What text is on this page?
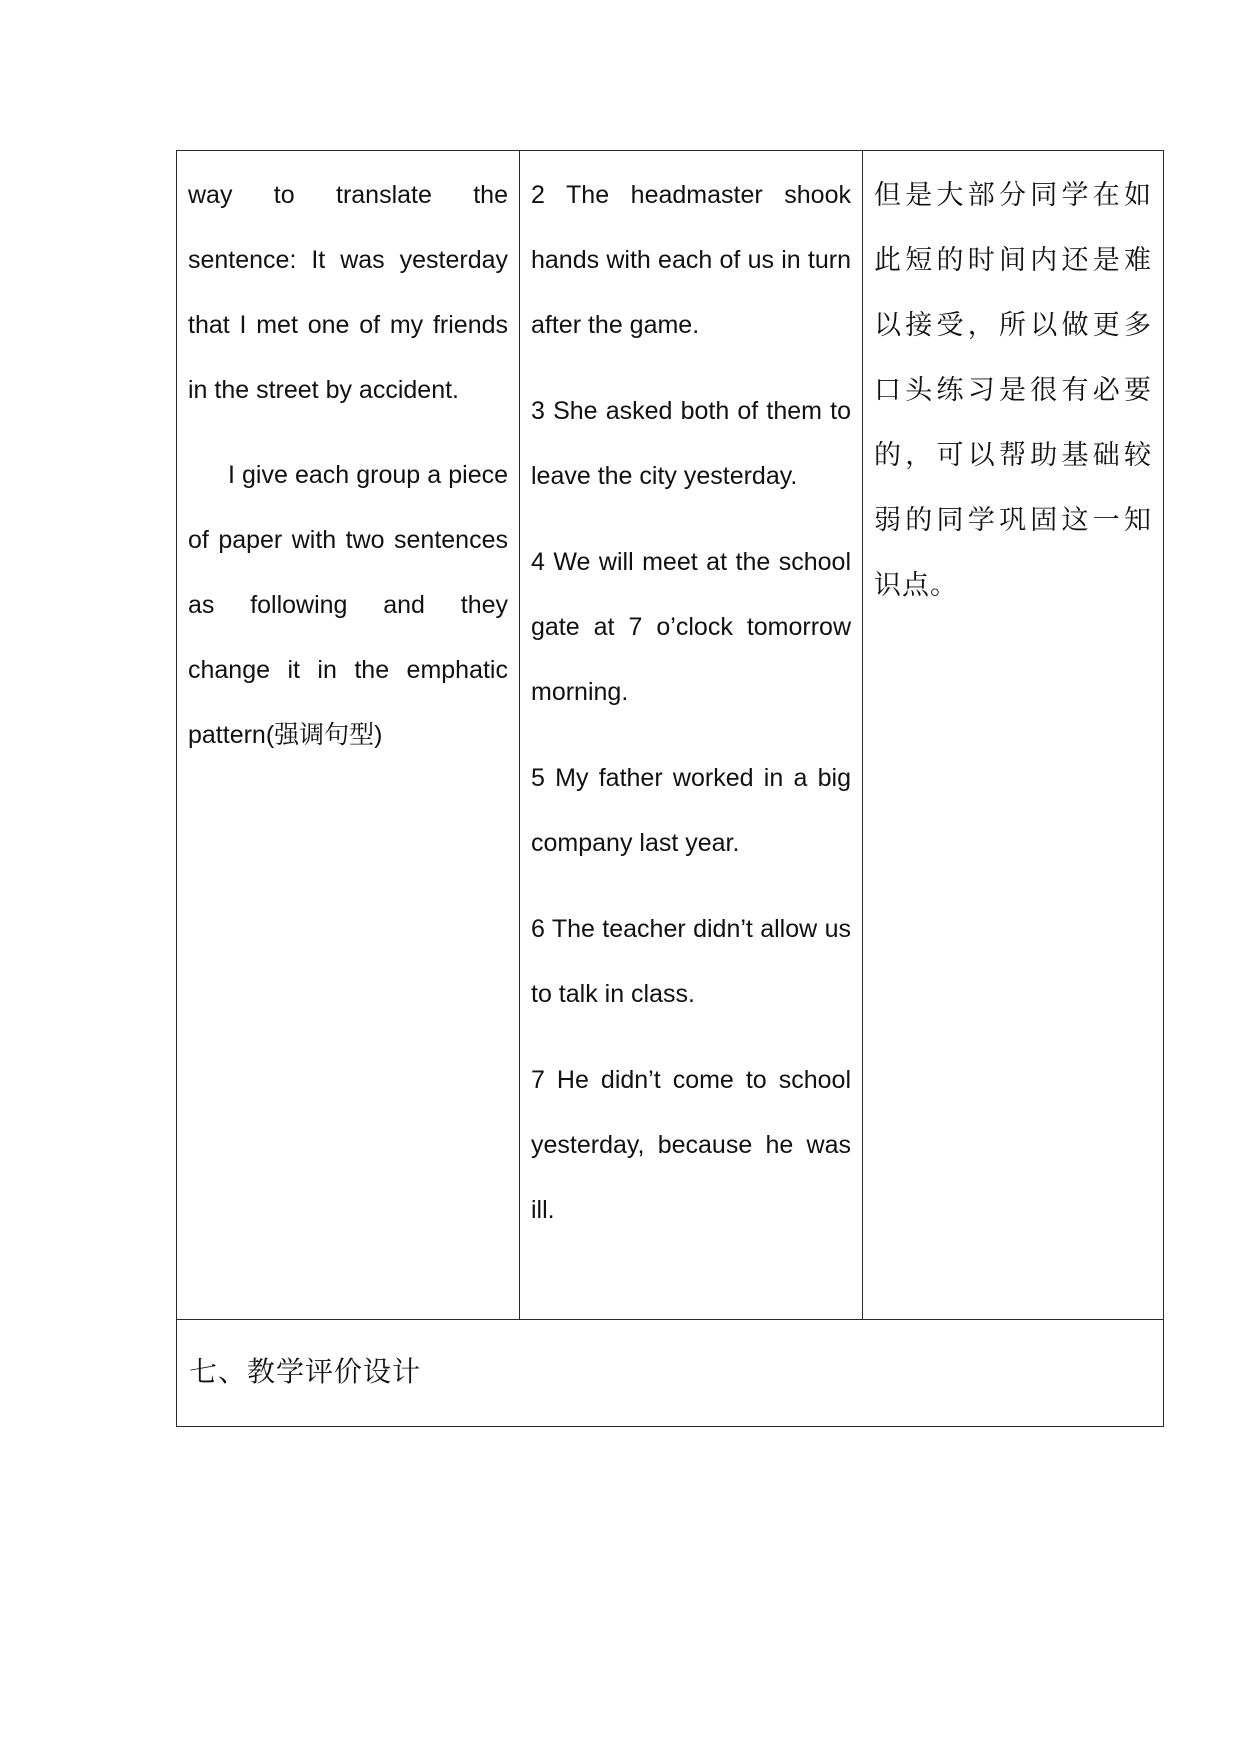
way to translate the sentence: It was yesterday that I met one of my friends in the street by accident.

I give each group a piece of paper with two sentences as following and they change it in the emphatic pattern(强调句型)

2 The headmaster shook hands with each of us in turn after the game.

3 She asked both of them to leave the city yesterday.

4 We will meet at the school gate at 7 o’clock tomorrow morning.

5 My father worked in a big company last year.

6 The teacher didn’t allow us to talk in class.

7 He didn’t come to school yesterday, because he was ill.

但是大部分同学在如此短的时间内还是难以接受，所以做更多口头练习是很有必要的，可以帮助基础较弱的同学巩固这一知识点。
七、教学评价设计
